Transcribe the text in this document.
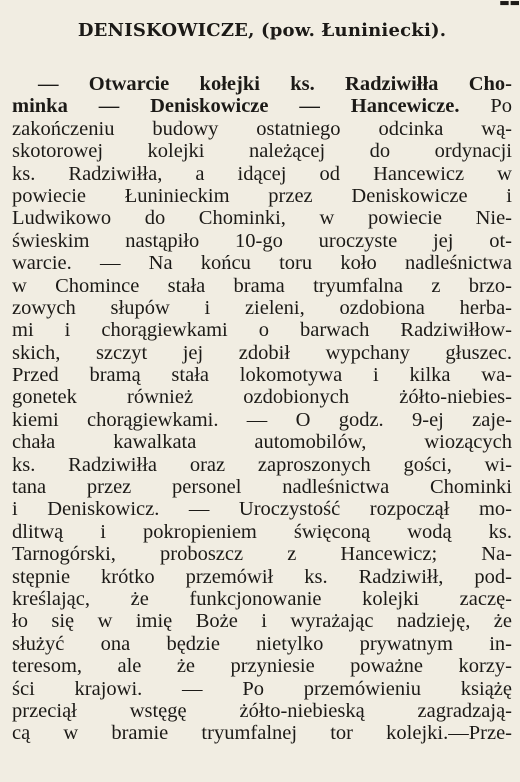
▬▬
DENISKOWICZE, (pow. Łuniniecki).
— Otwarcie kołejki ks. Radziwiłła Cho-
minka — Deniskowicze — Hancewicze. Po
zakończeniu budowy ostatniego odcinka wą-
skotorowej kolejki należącej do ordynacji
ks. Radziwiłła, a idącej od Hancewicz w
powiecie Łuninieckim przez Deniskowicze i
Ludwikowo do Chominki, w powiecie Nie-
świeskim nastąpiło 10-go uroczyste jej ot-
warcie. — Na końcu toru koło nadleśnictwa
w Chomince stała brama tryumfalna z brzo-
zowych słupów i zieleni, ozdobiona herba-
mi i chorągiewkami o barwach Radziwiłłow-
skich, szczyt jej zdobił wypchany głuszec.
Przed bramą stała lokomotywa i kilka wa-
gonetek również ozdobionych żółto-niebies-
kiemi chorągiewkami. — O godz. 9-ej zaje-
chała kawalkata automobilów, wiozących
ks. Radziwiłła oraz zaproszonych gości, wi-
tana przez personel nadleśnictwa Chominki
i Deniskowicz. — Uroczystość rozpoczął mo-
dlitwą i pokropieniem święconą wodą ks.
Tarnogórski, proboszcz z Hancewicz; Na-
stępnie krótko przemówił ks. Radziwiłł, pod-
kreślając, że funkcjonowanie kolejki zaczę-
ło się w imię Boże i wyrażając nadzieję, że
służyć ona będzie nietylko prywatnym in-
teresom, ale że przyniesie poważne korzy-
ści krajowi. — Po przemówieniu książę
przeciął wstęgę żółto-niebieską zagradzają-
cą w bramie tryumfalnej tor kolejki.—Prze-
